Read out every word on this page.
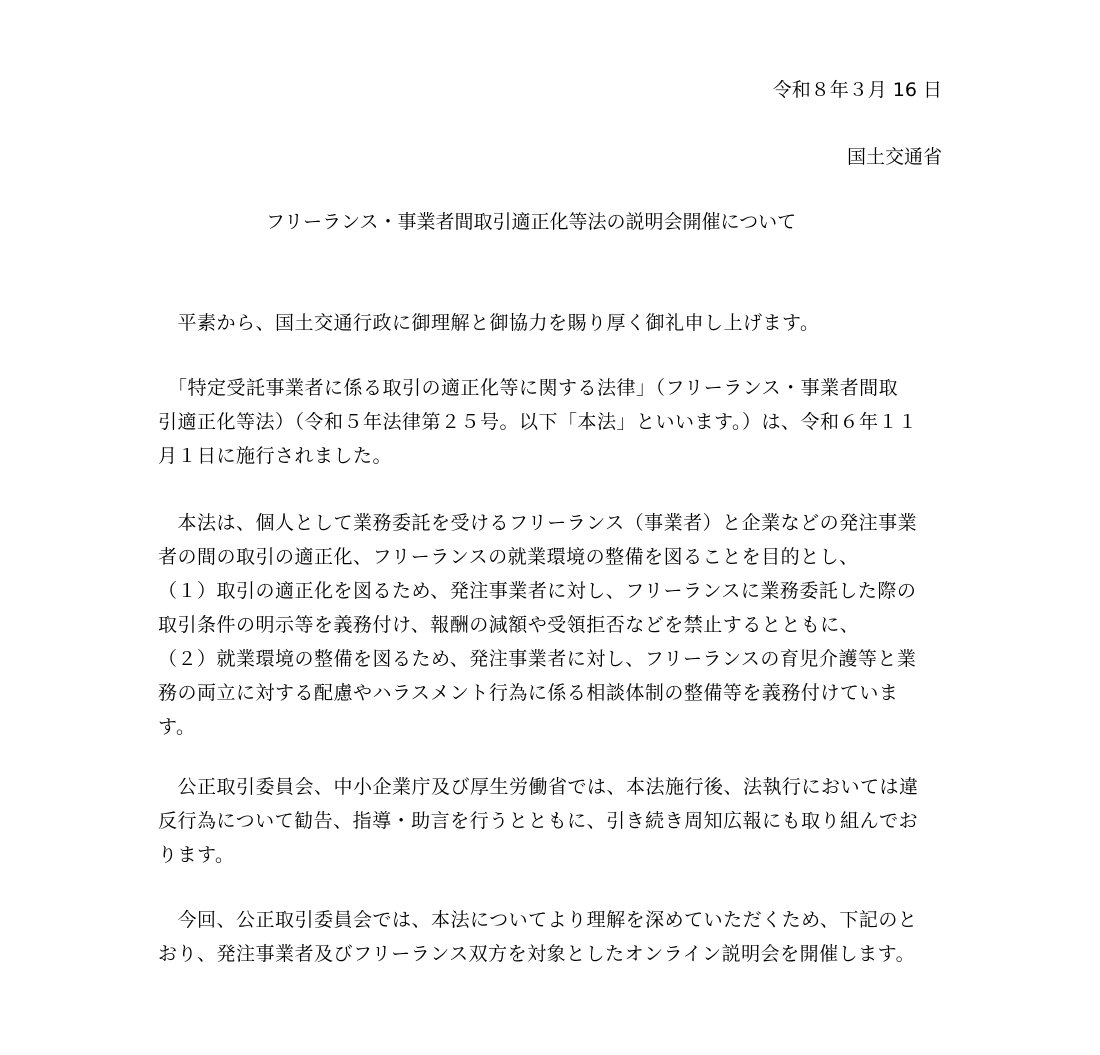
令和８年３月 16 日
国土交通省
フリーランス・事業者間取引適正化等法の説明会開催について
　平素から、国土交通行政に御理解と御協力を賜り厚く御礼申し上げます。
　「特定受託事業者に係る取引の適正化等に関する法律」（フリーランス・事業者間取
引適正化等法）（令和５年法律第２５号。以下「本法」といいます。）は、令和６年１１
月１日に施行されました。
　本法は、個人として業務委託を受けるフリーランス（事業者）と企業などの発注事業
者の間の取引の適正化、フリーランスの就業環境の整備を図ることを目的とし、
（１）取引の適正化を図るため、発注事業者に対し、フリーランスに業務委託した際の
取引条件の明示等を義務付け、報酬の減額や受領拒否などを禁止するとともに、
（２）就業環境の整備を図るため、発注事業者に対し、フリーランスの育児介護等と業
務の両立に対する配慮やハラスメント行為に係る相談体制の整備等を義務付けていま
す。
　公正取引委員会、中小企業庁及び厚生労働省では、本法施行後、法執行においては違
反行為について勧告、指導・助言を行うとともに、引き続き周知広報にも取り組んでお
ります。
　今回、公正取引委員会では、本法についてより理解を深めていただくため、下記のと
おり、発注事業者及びフリーランス双方を対象としたオンライン説明会を開催します。
